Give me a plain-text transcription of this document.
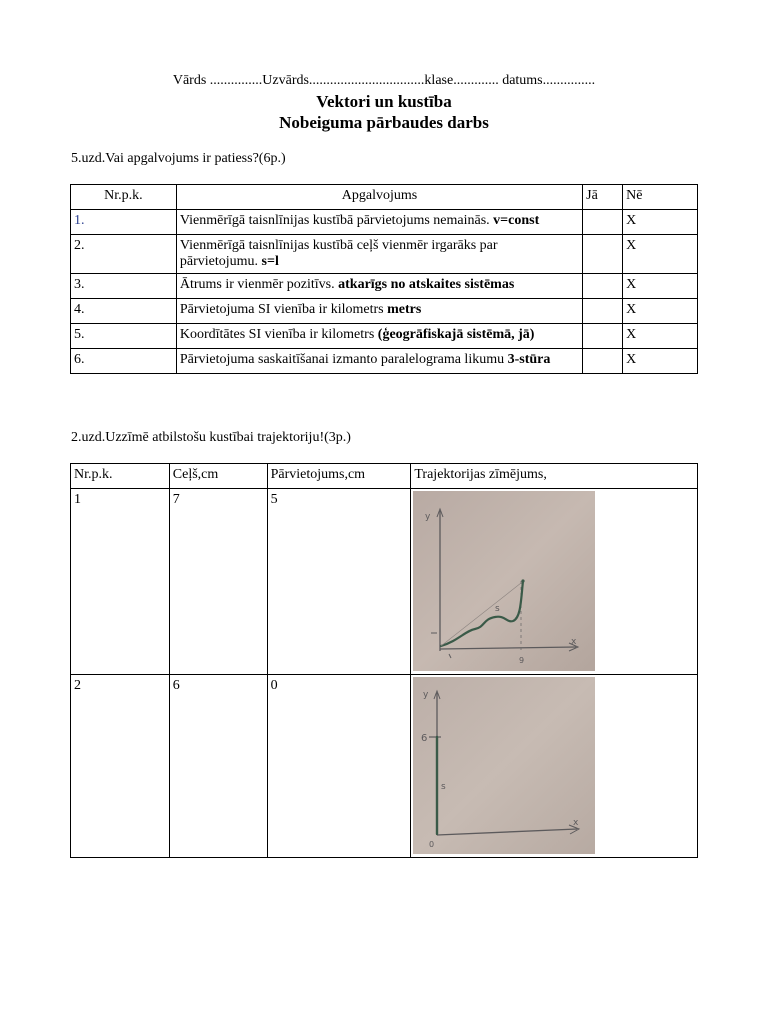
Vārds ...............Uzvārds.................................klase............. datums...............
Vektori un kustība
Nobeiguma pārbaudes darbs
5.uzd.Vai apgalvojums ir patiess?(6p.)
Nr.p.k.	Apgalvojums	Jā	Nē
1.	Vienmērīgā taisnlīnijas kustībā pārvietojums nemainās. v=const		X
2.	Vienmērīgā taisnlīnijas kustībā ceļš vienmēr irgarāks par pārvietojumu. s=l		X
3.	Ātrums ir vienmēr pozitīvs. atkarīgs no atskaites sistēmas		X
4.	Pārvietojuma SI vienība ir kilometrs metrs		X
5.	Koordītātes SI vienība ir kilometrs (ģeogrāfiskajā sistēmā, jā)		X
6.	Pārvietojuma saskaitīšanai izmanto paralelograma likumu 3-stūra		X
2.uzd.Uzzīmē atbilstošu kustībai trajektoriju!(3p.)
Nr.p.k.	Ceļš,cm	Pārvietojums,cm	Trajektorijas zīmējums,
1	7	5	y
x
9
s

2	6	0	y
x
6
s
0
